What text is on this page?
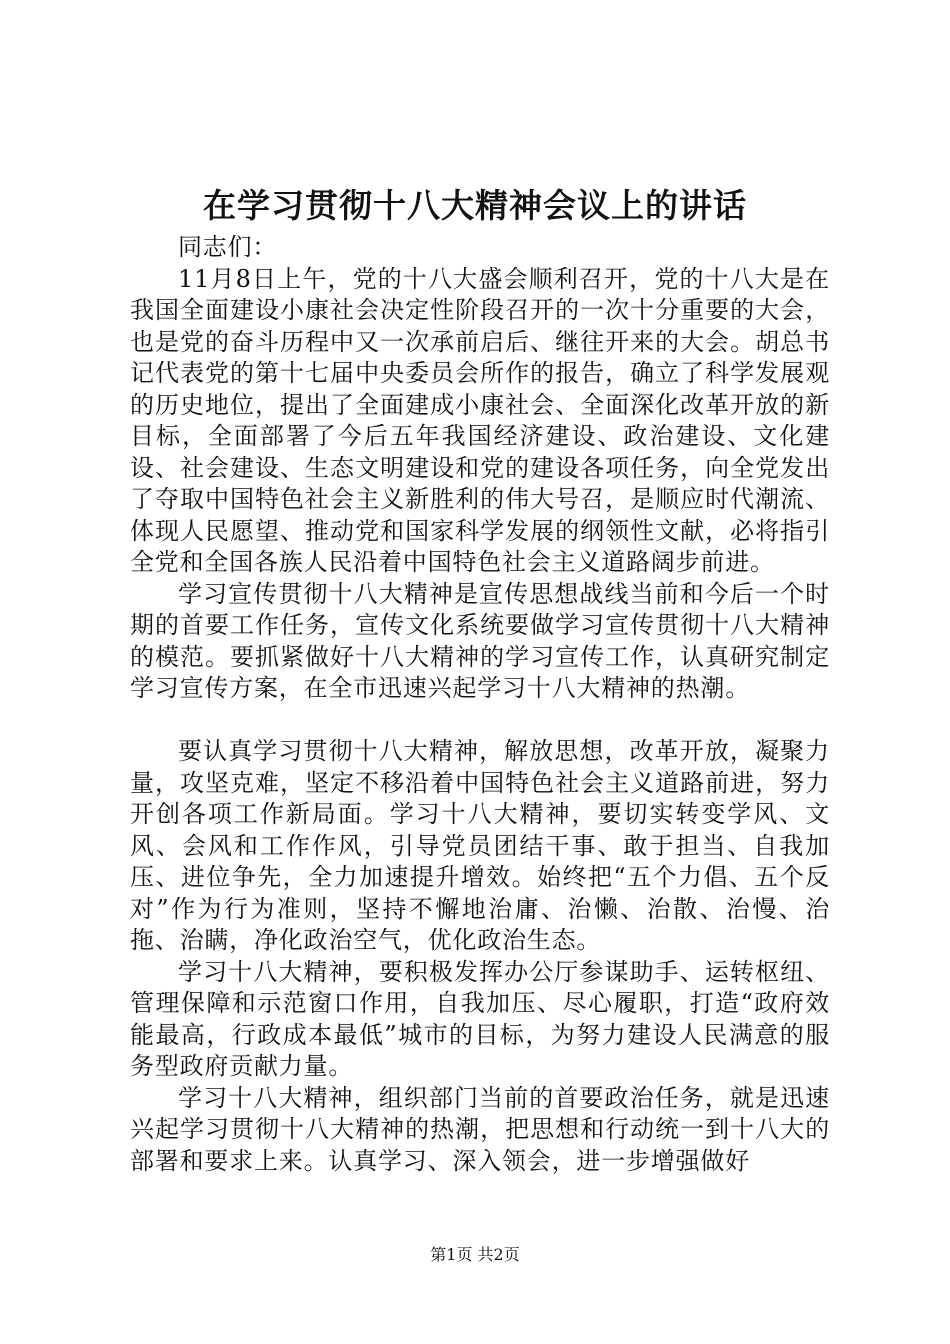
在学习贯彻十八大精神会议上的讲话

同志们：

11月8日上午，党的十八大盛会顺利召开，党的十八大是在我国全面建设小康社会决定性阶段召开的一次十分重要的大会，也是党的奋斗历程中又一次承前启后、继往开来的大会。胡总书记代表党的第十七届中央委员会所作的报告，确立了科学发展观的历史地位，提出了全面建成小康社会、全面深化改革开放的新目标，全面部署了今后五年我国经济建设、政治建设、文化建设、社会建设、生态文明建设和党的建设各项任务，向全党发出了夺取中国特色社会主义新胜利的伟大号召，是顺应时代潮流、体现人民愿望、推动党和国家科学发展的纲领性文献，必将指引全党和全国各族人民沿着中国特色社会主义道路阔步前进。

学习宣传贯彻十八大精神是宣传思想战线当前和今后一个时期的首要工作任务，宣传文化系统要做学习宣传贯彻十八大精神的模范。要抓紧做好十八大精神的学习宣传工作，认真研究制定学习宣传方案，在全市迅速兴起学习十八大精神的热潮。

要认真学习贯彻十八大精神，解放思想，改革开放，凝聚力量，攻坚克难，坚定不移沿着中国特色社会主义道路前进，努力开创各项工作新局面。学习十八大精神，要切实转变学风、文风、会风和工作作风，引导党员团结干事、敢于担当、自我加压、进位争先，全力加速提升增效。始终把“五个力倡、五个反对”作为行为准则，坚持不懈地治庸、治懒、治散、治慢、治拖、治瞒，净化政治空气，优化政治生态。

学习十八大精神，要积极发挥办公厅参谋助手、运转枢纽、管理保障和示范窗口作用，自我加压、尽心履职，打造“政府效能最高，行政成本最低”城市的目标，为努力建设人民满意的服务型政府贡献力量。

学习十八大精神，组织部门当前的首要政治任务，就是迅速兴起学习贯彻十八大精神的热潮，把思想和行动统一到十八大的部署和要求上来。认真学习、深入领会，进一步增强做好

第1页 共2页
